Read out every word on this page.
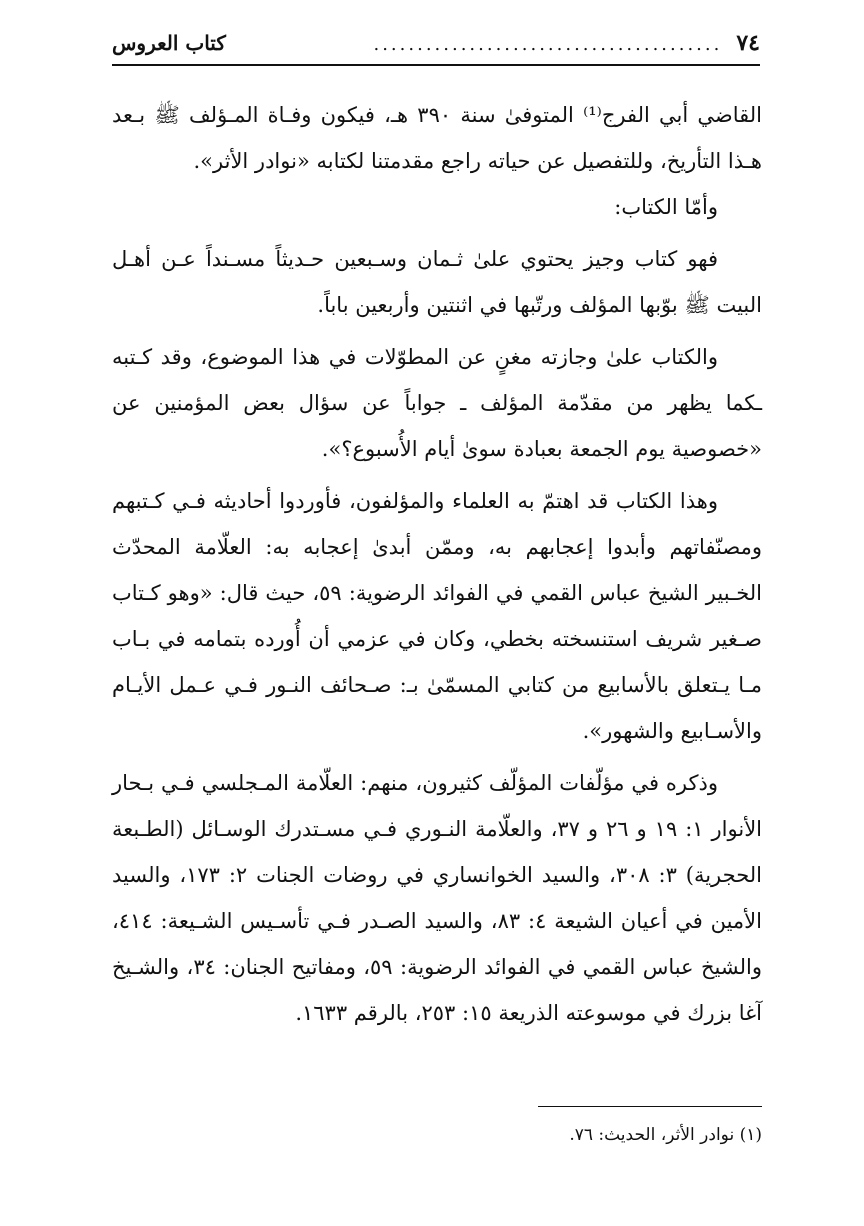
٧٤
........................................
كتاب العروس

القاضي أبي الفرج⁽¹⁾ المتوفىٰ سنة ٣٩٠ هـ، فيكون وفـاة المـؤلف ﷺ بـعد هـذا التأريخ، وللتفصيل عن حياته راجع مقدمتنا لكتابه «نوادر الأثر».

وأمّا الكتاب:

فهو كتاب وجيز يحتوي علىٰ ثـمان وسـبعين حـديثاً مسـنداً عـن أهـل البيت ﷺ بوّبها المؤلف ورتّبها في اثنتين وأربعين باباً.

والكتاب علىٰ وجازته مغنٍ عن المطوّلات في هذا الموضوع، وقد كـتبه ـكما يظهر من مقدّمة المؤلف ـ جواباً عن سؤال بعض المؤمنين عن «خصوصية يوم الجمعة بعبادة سوىٰ أيام الأُسبوع؟».

وهذا الكتاب قد اهتمّ به العلماء والمؤلفون، فأوردوا أحاديثه فـي كـتبهم ومصنّفاتهم وأبدوا إعجابهم به، وممّن أبدىٰ إعجابه به: العلّامة المحدّث الخـبير الشيخ عباس القمي في الفوائد الرضوية: ٥٩، حيث قال: «وهو كـتاب صـغير شريف استنسخته بخطي، وكان في عزمي أن أُورده بتمامه في بـاب مـا يـتعلق بالأسابيع من كتابي المسمّىٰ بـ: صـحائف النـور فـي عـمل الأيـام والأسـابيع والشهور».

وذكره في مؤلّفات المؤلّف كثيرون، منهم: العلّامة المـجلسي فـي بـحار الأنوار ١: ١٩ و ٢٦ و ٣٧، والعلّامة النـوري فـي مسـتدرك الوسـائل (الطـبعة الحجرية) ٣: ٣٠٨، والسيد الخوانساري في روضات الجنات ٢: ١٧٣، والسيد الأمين في أعيان الشيعة ٤: ٨٣، والسيد الصـدر فـي تأسـيس الشـيعة: ٤١٤، والشيخ عباس القمي في الفوائد الرضوية: ٥٩، ومفاتيح الجنان: ٣٤، والشـيخ آغا بزرك في موسوعته الذريعة ١٥: ٢٥٣، بالرقم ١٦٣٣.

(١) نوادر الأثر، الحديث: ٧٦.
